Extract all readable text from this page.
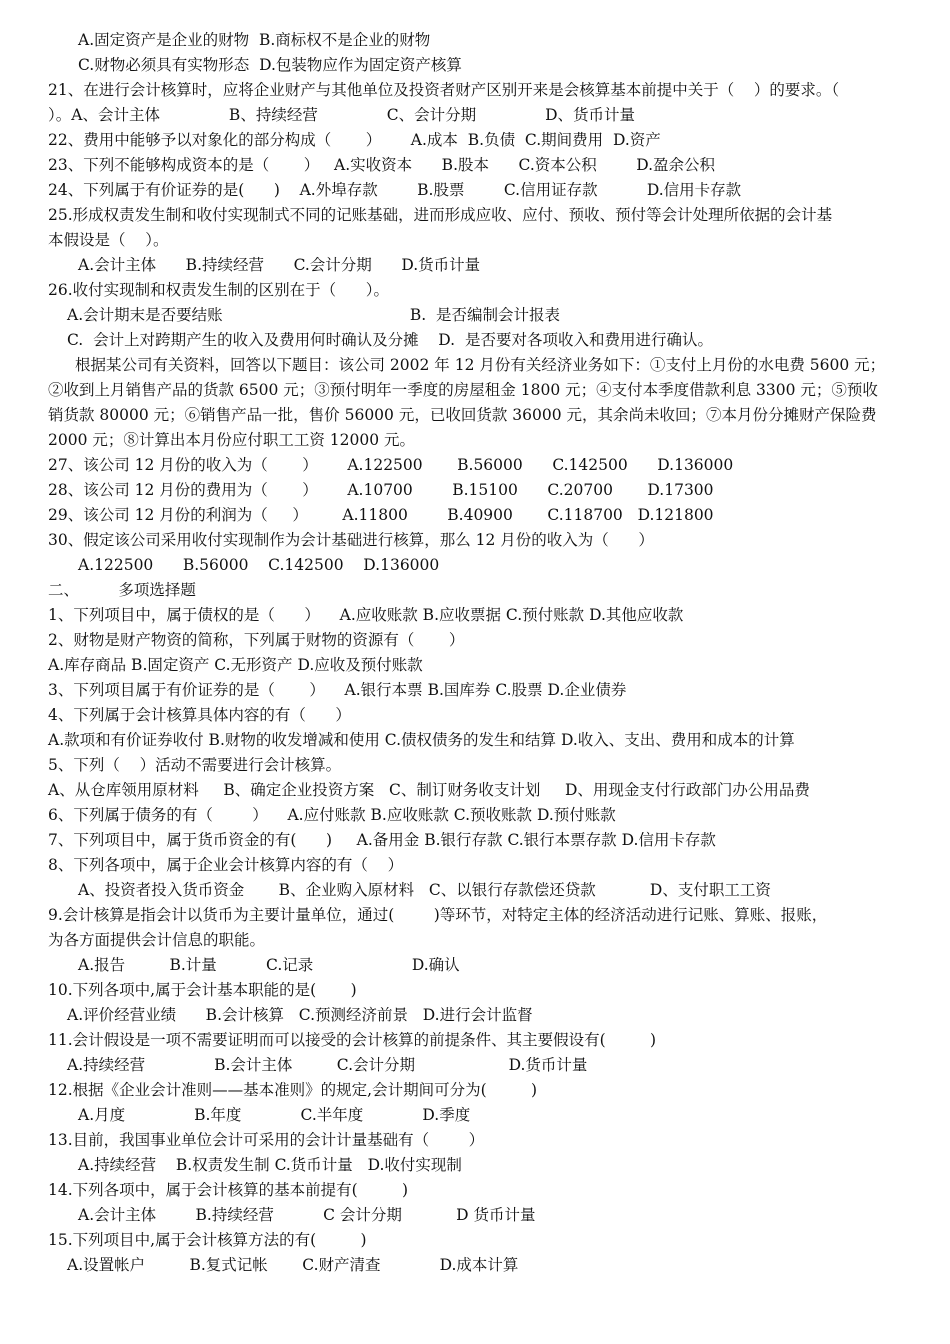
A.固定资产是企业的财物  B.商标权不是企业的财物
C.财物必须具有实物形态  D.包装物应作为固定资产核算
21、在进行会计核算时，应将企业财产与其他单位及投资者财产区别开来是会核算基本前提中关于（    ）的要求。（
）。A、会计主体              B、持续经营              C、会计分期              D、货币计量
22、费用中能够予以对象化的部分构成（       ）      A.成本  B.负债  C.期间费用  D.资产
23、下列不能够构成资本的是（       ）   A.实收资本      B.股本      C.资本公积        D.盈余公积
24、下列属于有价证券的是(      )    A.外埠存款        B.股票        C.信用证存款          D.信用卡存款
25.形成权责发生制和收付实现制式不同的记账基础，进而形成应收、应付、预收、预付等会计处理所依据的会计基
本假设是（    ）。
A.会计主体      B.持续经营      C.会计分期      D.货币计量
26.收付实现制和权责发生制的区别在于（      ）。
A.会计期末是否要结账                                      B.  是否编制会计报表
C.  会计上对跨期产生的收入及费用何时确认及分摊    D.  是否要对各项收入和费用进行确认。
根据某公司有关资料，回答以下题目：该公司 2002 年 12 月份有关经济业务如下：①支付上月份的水电费 5600 元；
②收到上月销售产品的货款 6500 元；③预付明年一季度的房屋租金 1800 元；④支付本季度借款利息 3300 元；⑤预收
销货款 80000 元；⑥销售产品一批，售价 56000 元，已收回货款 36000 元，其余尚未收回；⑦本月份分摊财产保险费
2000 元；⑧计算出本月份应付职工工资 12000 元。
27、该公司 12 月份的收入为（       ）      A.122500       B.56000      C.142500      D.136000
28、该公司 12 月份的费用为（       ）      A.10700        B.15100      C.20700       D.17300
29、该公司 12 月份的利润为（     ）       A.11800        B.40900       C.118700   D.121800
30、假定该公司采用收付实现制作为会计基础进行核算，那么 12 月份的收入为（      ）
A.122500      B.56000    C.142500    D.136000
二、        多项选择题
1、下列项目中，属于债权的是（      ）    A.应收账款 B.应收票据 C.预付账款 D.其他应收款
2、财物是财产物资的简称，下列属于财物的资源有（       ）
A.库存商品 B.固定资产 C.无形资产 D.应收及预付账款
3、下列项目属于有价证券的是（       ）    A.银行本票 B.国库券 C.股票 D.企业债券
4、下列属于会计核算具体内容的有（      ）
A.款项和有价证券收付 B.财物的收发增减和使用 C.债权债务的发生和结算 D.收入、支出、费用和成本的计算
5、下列（    ）活动不需要进行会计核算。
A、从仓库领用原材料     B、确定企业投资方案   C、制订财务收支计划     D、用现金支付行政部门办公用品费
6、下列属于债务的有（        ）    A.应付账款 B.应收账款 C.预收账款 D.预付账款
7、下列项目中，属于货币资金的有(      )     A.备用金 B.银行存款 C.银行本票存款 D.信用卡存款
8、下列各项中，属于企业会计核算内容的有（    ）
A、投资者投入货币资金       B、企业购入原材料   C、以银行存款偿还贷款           D、支付职工工资
9.会计核算是指会计以货币为主要计量单位，通过(        )等环节，对特定主体的经济活动进行记账、算账、报账，
为各方面提供会计信息的职能。
A.报告         B.计量          C.记录                    D.确认
10.下列各项中,属于会计基本职能的是(       )
A.评价经营业绩      B.会计核算   C.预测经济前景   D.进行会计监督
11.会计假设是一项不需要证明而可以接受的会计核算的前提条件、其主要假设有(         )
A.持续经营              B.会计主体         C.会计分期                   D.货币计量
12.根据《企业会计准则——基本准则》的规定,会计期间可分为(         )
A.月度              B.年度            C.半年度            D.季度
13.目前，我国事业单位会计可采用的会计计量基础有（        ）
A.持续经营    B.权责发生制 C.货币计量   D.收付实现制
14.下列各项中，属于会计核算的基本前提有(         )
A.会计主体        B.持续经营          C 会计分期           D 货币计量
15.下列项目中,属于会计核算方法的有(         )
A.设置帐户         B.复式记帐       C.财产清查            D.成本计算
